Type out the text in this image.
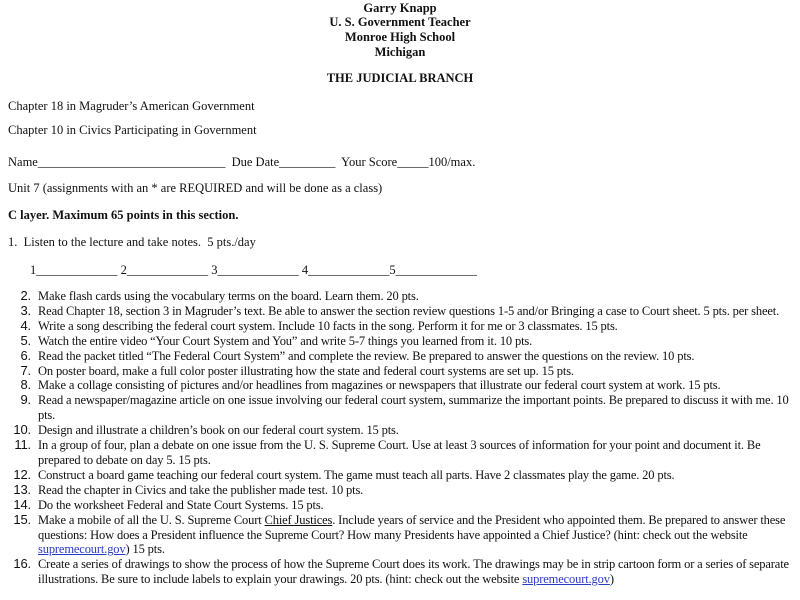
Garry Knapp
U. S. Government Teacher
Monroe High School
Michigan
THE JUDICIAL BRANCH
Chapter 18 in Magruder’s American Government
Chapter 10 in Civics Participating in Government
Name______________________________  Due Date_________  Your Score_____100/max.
Unit 7 (assignments with an * are REQUIRED and will be done as a class)
C layer. Maximum 65 points in this section.
1.  Listen to the lecture and take notes.  5 pts./day
1_____________ 2_____________ 3_____________ 4_____________5_____________
2. Make flash cards using the vocabulary terms on the board. Learn them. 20 pts.
3. Read Chapter 18, section 3 in Magruder’s text. Be able to answer the section review questions 1-5 and/or Bringing a case to Court sheet. 5 pts. per sheet.
4. Write a song describing the federal court system. Include 10 facts in the song. Perform it for me or 3 classmates. 15 pts.
5. Watch the entire video “Your Court System and You” and write 5-7 things you learned from it. 10 pts.
6. Read the packet titled “The Federal Court System” and complete the review. Be prepared to answer the questions on the review. 10 pts.
7. On poster board, make a full color poster illustrating how the state and federal court systems are set up. 15 pts.
8. Make a collage consisting of pictures and/or headlines from magazines or newspapers that illustrate our federal court system at work. 15 pts.
9. Read a newspaper/magazine article on one issue involving our federal court system, summarize the important points. Be prepared to discuss it with me. 10 pts.
10. Design and illustrate a children’s book on our federal court system. 15 pts.
11. In a group of four, plan a debate on one issue from the U. S. Supreme Court. Use at least 3 sources of information for your point and document it. Be prepared to debate on day 5. 15 pts.
12. Construct a board game teaching our federal court system. The game must teach all parts. Have 2 classmates play the game. 20 pts.
13. Read the chapter in Civics and take the publisher made test. 10 pts.
14. Do the worksheet Federal and State Court Systems. 15 pts.
15. Make a mobile of all the U. S. Supreme Court Chief Justices. Include years of service and the President who appointed them. Be prepared to answer these questions: How does a President influence the Supreme Court? How many Presidents have appointed a Chief Justice? (hint: check out the website supremecourt.gov) 15 pts.
16. Create a series of drawings to show the process of how the Supreme Court does its work. The drawings may be in strip cartoon form or a series of separate illustrations. Be sure to include labels to explain your drawings. 20 pts. (hint: check out the website supremecourt.gov)
